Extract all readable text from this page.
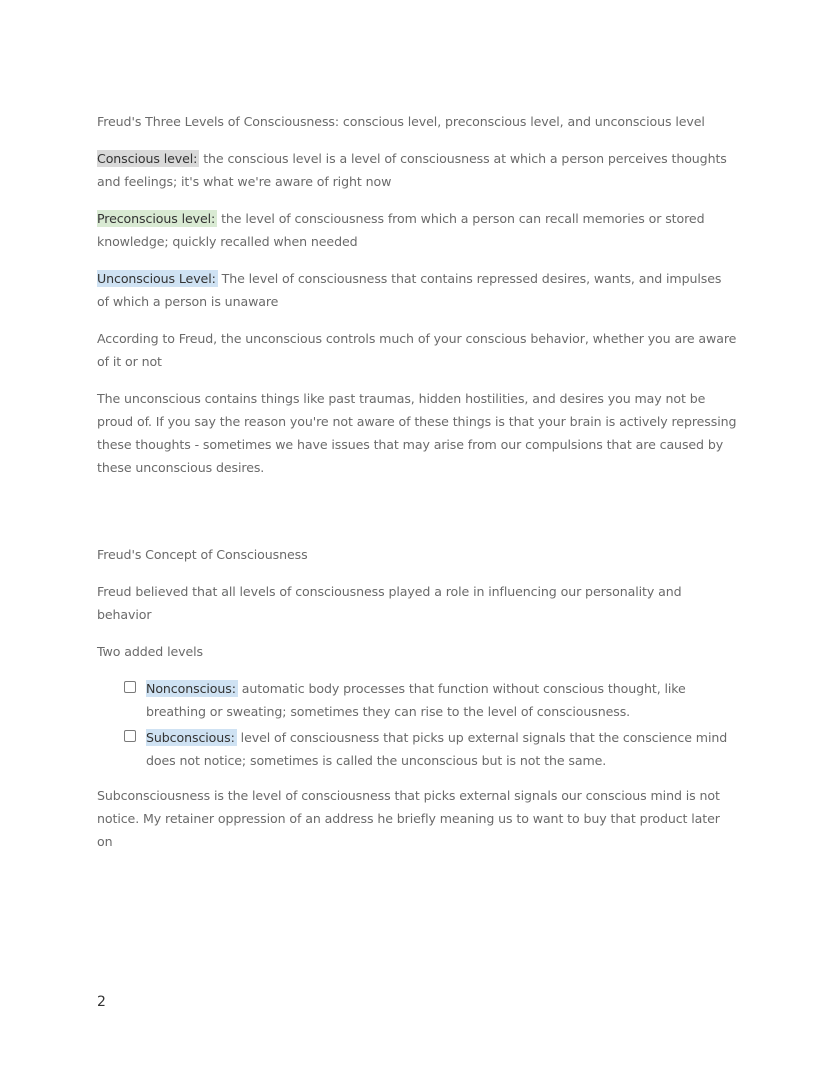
Freud's Three Levels of Consciousness: conscious level, preconscious level, and unconscious level

Conscious level: the conscious level is a level of consciousness at which a person perceives thoughts and feelings; it's what we're aware of right now

Preconscious level: the level of consciousness from which a person can recall memories or stored knowledge; quickly recalled when needed

Unconscious Level: The level of consciousness that contains repressed desires, wants, and impulses of which a person is unaware

According to Freud, the unconscious controls much of your conscious behavior, whether you are aware of it or not

The unconscious contains things like past traumas, hidden hostilities, and desires you may not be proud of. If you say the reason you're not aware of these things is that your brain is actively repressing these thoughts - sometimes we have issues that may arise from our compulsions that are caused by these unconscious desires.

Freud's Concept of Consciousness

Freud believed that all levels of consciousness played a role in influencing our personality and behavior

Two added levels

Nonconscious: automatic body processes that function without conscious thought, like breathing or sweating; sometimes they can rise to the level of consciousness.
Subconscious: level of consciousness that picks up external signals that the conscience mind does not notice; sometimes is called the unconscious but is not the same.

Subconsciousness is the level of consciousness that picks external signals our conscious mind is not notice. My retainer oppression of an address he briefly meaning us to want to buy that product later on

2
